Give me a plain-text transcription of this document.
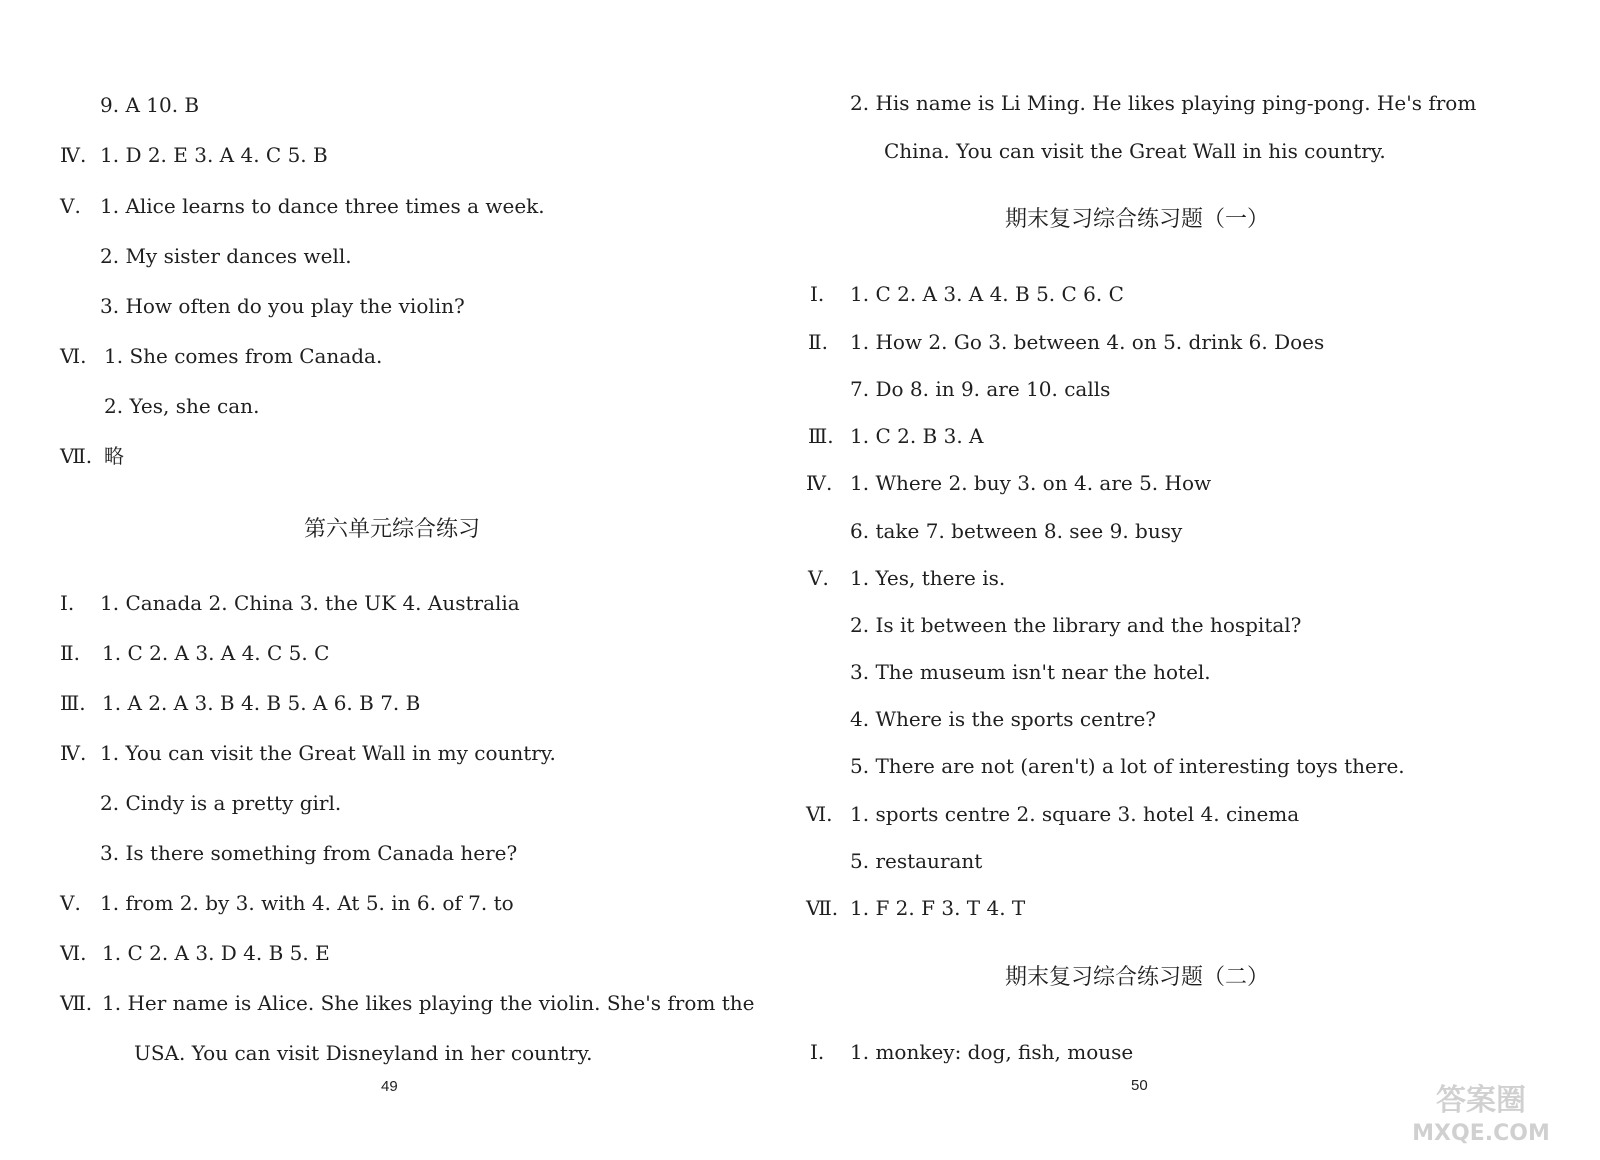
9. A 10. B
Ⅳ. 1. D 2. E 3. A 4. C 5. B
Ⅴ. 1. Alice learns to dance three times a week.
2. My sister dances well.
3. How often do you play the violin?
Ⅵ. 1. She comes from Canada.
2. Yes, she can.
Ⅶ. 略
第六单元综合练习
Ⅰ. 1. Canada 2. China 3. the UK 4. Australia
Ⅱ. 1. C 2. A 3. A 4. C 5. C
Ⅲ. 1. A 2. A 3. B 4. B 5. A 6. B 7. B
Ⅳ. 1. You can visit the Great Wall in my country.
2. Cindy is a pretty girl.
3. Is there something from Canada here?
Ⅴ. 1. from 2. by 3. with 4. At 5. in 6. of 7. to
Ⅵ. 1. C 2. A 3. D 4. B 5. E
Ⅶ. 1. Her name is Alice. She likes playing the violin. She's from the
USA. You can visit Disneyland in her country.
49
2. His name is Li Ming. He likes playing ping-pong. He's from
China. You can visit the Great Wall in his country.
期末复习综合练习题（一）
Ⅰ. 1. C 2. A 3. A 4. B 5. C 6. C
Ⅱ. 1. How 2. Go 3. between 4. on 5. drink 6. Does
7. Do 8. in 9. are 10. calls
Ⅲ. 1. C 2. B 3. A
Ⅳ. 1. Where 2. buy 3. on 4. are 5. How
6. take 7. between 8. see 9. busy
Ⅴ. 1. Yes, there is.
2. Is it between the library and the hospital?
3. The museum isn't near the hotel.
4. Where is the sports centre?
5. There are not (aren't) a lot of interesting toys there.
Ⅵ. 1. sports centre 2. square 3. hotel 4. cinema
5. restaurant
Ⅶ. 1. F 2. F 3. T 4. T
期末复习综合练习题（二）
Ⅰ. 1. monkey: dog, fish, mouse
50	答案圈
MXQE.COM
